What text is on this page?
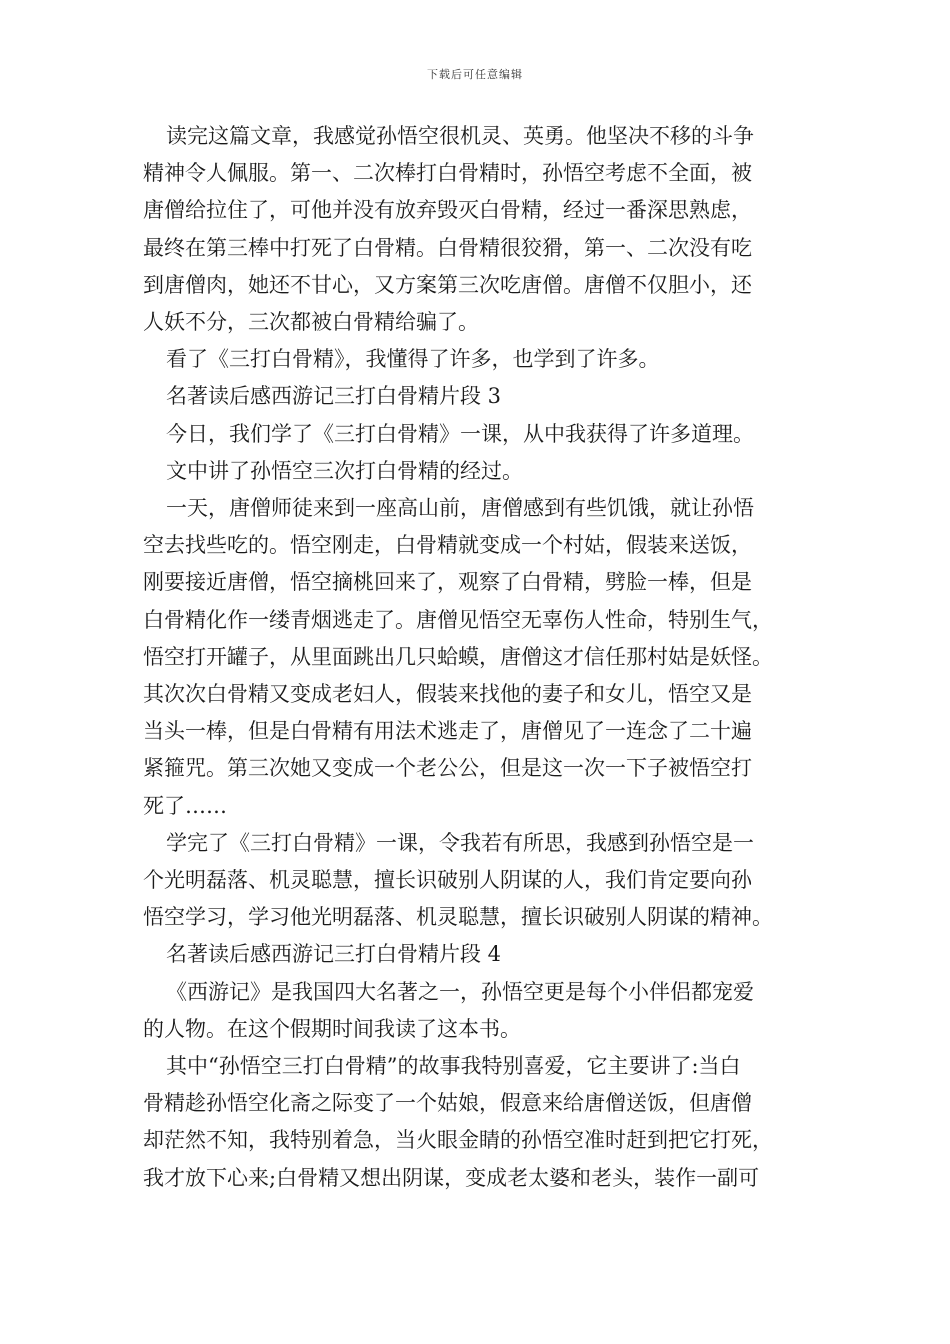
下载后可任意编辑
读完这篇文章，我感觉孙悟空很机灵、英勇。他坚决不移的斗争
精神令人佩服。第一、二次棒打白骨精时，孙悟空考虑不全面，被
唐僧给拉住了，可他并没有放弃毁灭白骨精，经过一番深思熟虑，
最终在第三棒中打死了白骨精。白骨精很狡猾，第一、二次没有吃
到唐僧肉，她还不甘心，又方案第三次吃唐僧。唐僧不仅胆小，还
人妖不分，三次都被白骨精给骗了。
看了《三打白骨精》，我懂得了许多，也学到了许多。
名著读后感西游记三打白骨精片段 3
今日，我们学了《三打白骨精》一课，从中我获得了许多道理。
文中讲了孙悟空三次打白骨精的经过。
一天，唐僧师徒来到一座高山前，唐僧感到有些饥饿，就让孙悟
空去找些吃的。悟空刚走，白骨精就变成一个村姑，假装来送饭，
刚要接近唐僧，悟空摘桃回来了，观察了白骨精，劈脸一棒，但是
白骨精化作一缕青烟逃走了。唐僧见悟空无辜伤人性命，特别生气，
悟空打开罐子，从里面跳出几只蛤蟆，唐僧这才信任那村姑是妖怪。
其次次白骨精又变成老妇人，假装来找他的妻子和女儿，悟空又是
当头一棒，但是白骨精有用法术逃走了，唐僧见了一连念了二十遍
紧箍咒。第三次她又变成一个老公公，但是这一次一下子被悟空打
死了……
学完了《三打白骨精》一课，令我若有所思，我感到孙悟空是一
个光明磊落、机灵聪慧，擅长识破别人阴谋的人，我们肯定要向孙
悟空学习，学习他光明磊落、机灵聪慧，擅长识破别人阴谋的精神。
名著读后感西游记三打白骨精片段 4
《西游记》是我国四大名著之一，孙悟空更是每个小伴侣都宠爱
的人物。在这个假期时间我读了这本书。
其中“孙悟空三打白骨精”的故事我特别喜爱，它主要讲了:当白
骨精趁孙悟空化斋之际变了一个姑娘，假意来给唐僧送饭，但唐僧
却茫然不知，我特别着急，当火眼金睛的孙悟空准时赶到把它打死，
我才放下心来;白骨精又想出阴谋，变成老太婆和老头，装作一副可
